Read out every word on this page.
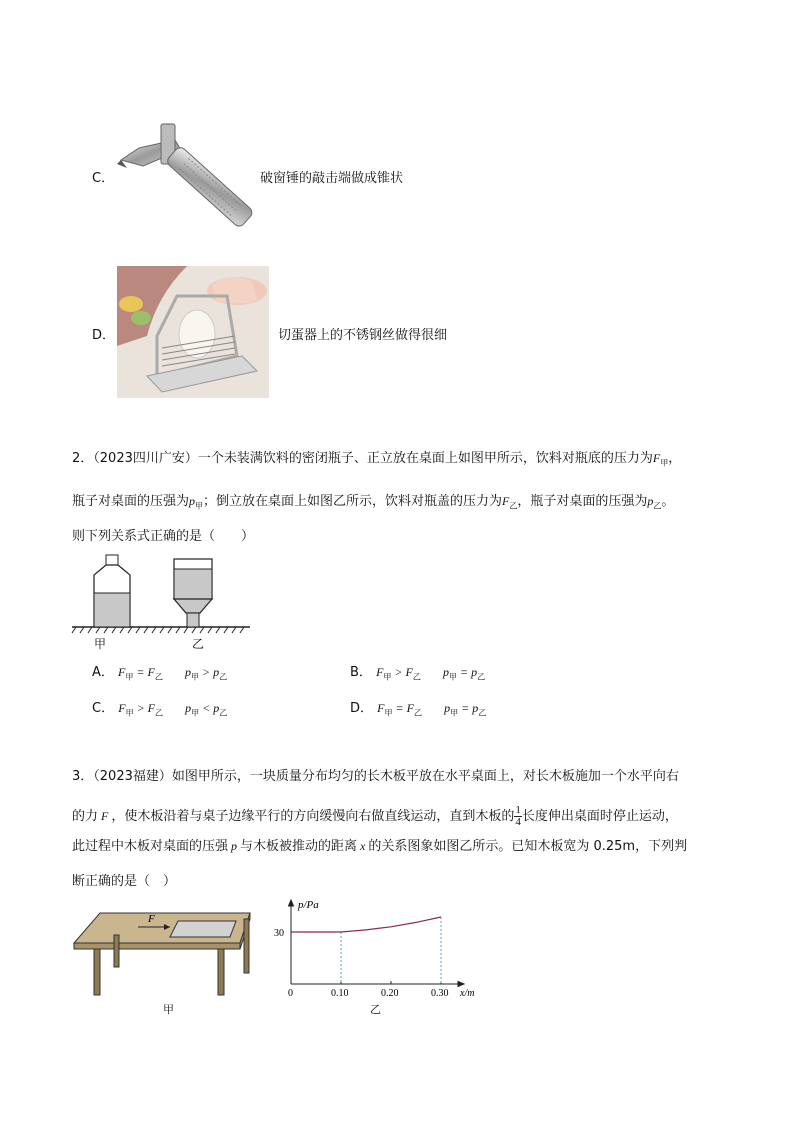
C．	破窗锤的敲击端做成锥状
D．	切蛋器上的不锈钢丝做得很细
2．（2023四川广安）一个未装满饮料的密闭瓶子、正立放在桌面上如图甲所示，饮料对瓶底的压力为$F_甲$，
瓶子对桌面的压强为$p_甲$；倒立放在桌面上如图乙所示，饮料对瓶盖的压力为$F_乙$，瓶子对桌面的压强为$p_乙$。
则下列关系式正确的是（　　）
甲	乙
A． $F_甲 = F_乙$ $p_甲 > p_乙$	B． $F_甲 > F_乙$ $p_甲 = p_乙$
C． $F_甲 > F_乙$ $p_甲 < p_乙$	D． $F_甲 = F_乙$ $p_甲 = p_乙$
3．（2023福建）如图甲所示，一块质量分布均匀的长木板平放在水平桌面上，对长木板施加一个水平向右
的力 F ，使木板沿着与桌子边缘平行的方向缓慢向右做直线运动，直到木板的 $\frac{1}{4}$ 长度伸出桌面时停止运动，
此过程中木板对桌面的压强 p 与木板被推动的距离 x 的关系图象如图乙所示。已知木板宽为 0.25m，下列判
断正确的是（　）
F
甲
p/Pa
x/m
0	0.10	0.20	0.30
30
乙
